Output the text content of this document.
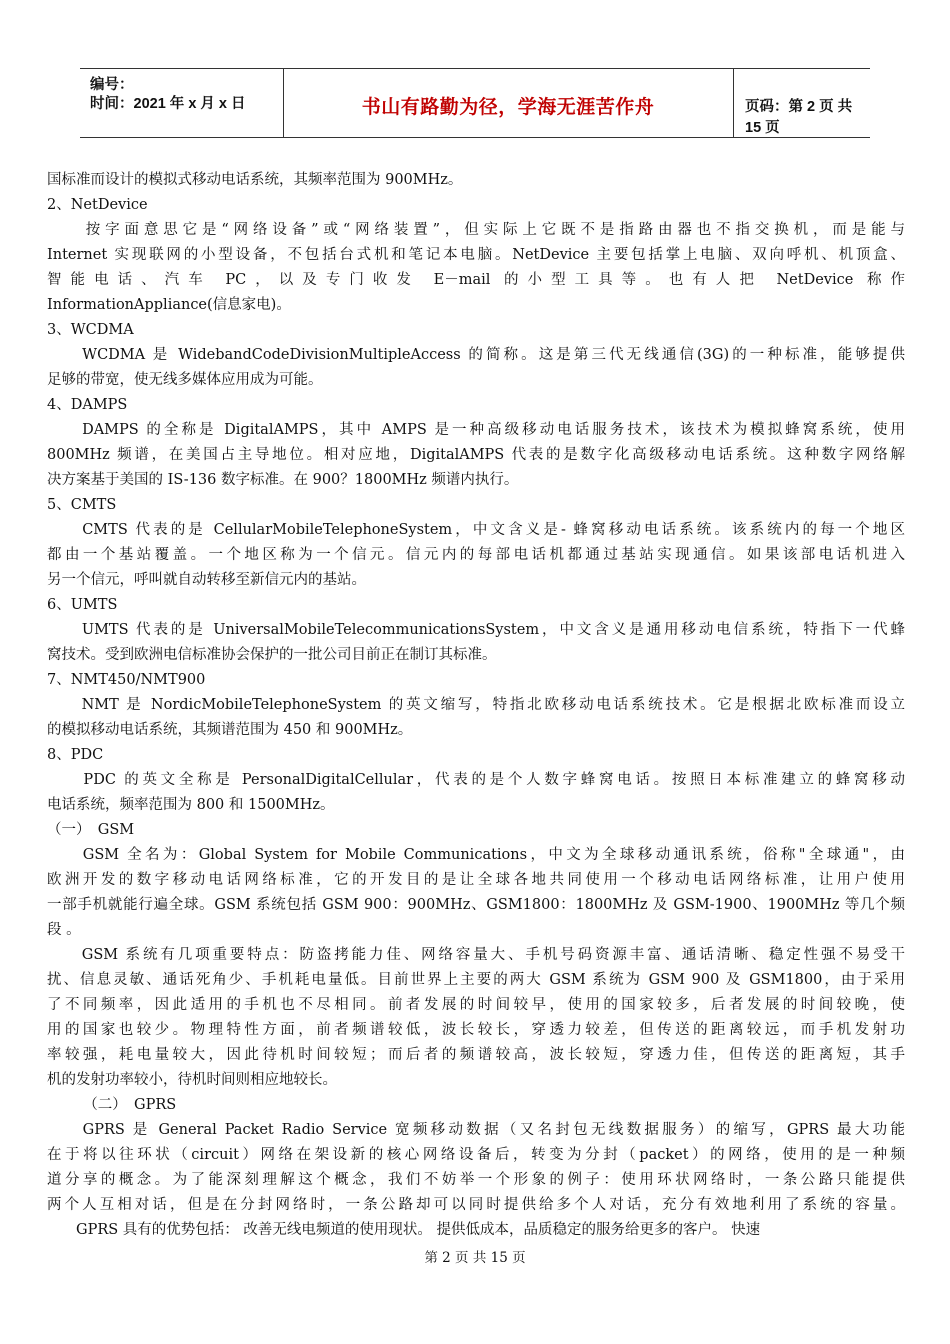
编号：
时间：2021 年 x 月 x 日	书山有路勤为径，学海无涯苦作舟	页码：第 2 页 共 15 页
国标准而设计的模拟式移动电话系统，其频率范围为 900MHz。
2、NetDevice
　　按字面意思它是“网络设备”或“网络装置”，但实际上它既不是指路由器也不指交换机，而是能与
Internet 实现联网的小型设备，不包括台式机和笔记本电脑。NetDevice 主要包括掌上电脑、双向呼机、机顶盒、
智能电话、汽车 PC，以及专门收发 E－mail 的小型工具等。也有人把 NetDevice 称作
InformationAppliance(信息家电)。
3、WCDMA
　　WCDMA 是 WidebandCodeDivisionMultipleAccess 的简称。这是第三代无线通信(3G)的一种标准，能够提供
足够的带宽，使无线多媒体应用成为可能。
4、DAMPS
　　DAMPS 的全称是 DigitalAMPS，其中 AMPS 是一种高级移动电话服务技术，该技术为模拟蜂窝系统，使用
800MHz 频谱，在美国占主导地位。相对应地，DigitalAMPS 代表的是数字化高级移动电话系统。这种数字网络解
决方案基于美国的 IS-136 数字标准。在 900？1800MHz 频谱内执行。
5、CMTS
　　CMTS 代表的是 CellularMobileTelephoneSystem，中文含义是- 蜂窝移动电话系统。该系统内的每一个地区
都由一个基站覆盖。一个地区称为一个信元。信元内的每部电话机都通过基站实现通信。如果该部电话机进入
另一个信元，呼叫就自动转移至新信元内的基站。
6、UMTS
　　UMTS 代表的是 UniversalMobileTelecommunicationsSystem，中文含义是通用移动电信系统，特指下一代蜂
窝技术。受到欧洲电信标准协会保护的一批公司目前正在制订其标准。
7、NMT450/NMT900
　　NMT 是 NordicMobileTelephoneSystem 的英文缩写，特指北欧移动电话系统技术。它是根据北欧标准而设立
的模拟移动电话系统，其频谱范围为 450 和 900MHz。
8、PDC
　　PDC 的英文全称是 PersonalDigitalCellular，代表的是个人数字蜂窝电话。按照日本标准建立的蜂窝移动
电话系统，频率范围为 800 和 1500MHz。
（一）　GSM
　　GSM 全名为：Global System for Mobile Communications，中文为全球移动通讯系统，俗称"全球通"，由
欧洲开发的数字移动电话网络标准，它的开发目的是让全球各地共同使用一个移动电话网络标准，让用户使用
一部手机就能行遍全球。GSM 系统包括 GSM 900：900MHz、GSM1800：1800MHz 及 GSM-1900、1900MHz 等几个频
段 。
　　GSM 系统有几项重要特点：防盗拷能力佳、网络容量大、手机号码资源丰富、通话清晰、稳定性强不易受干
扰、信息灵敏、通话死角少、手机耗电量低。目前世界上主要的两大 GSM 系统为 GSM 900 及 GSM1800，由于采用
了不同频率，因此适用的手机也不尽相同。前者发展的时间较早，使用的国家较多，后者发展的时间较晚，使
用的国家也较少。物理特性方面，前者频谱较低，波长较长，穿透力较差，但传送的距离较远，而手机发射功
率较强，耗电量较大，因此待机时间较短；而后者的频谱较高，波长较短，穿透力佳，但传送的距离短，其手
机的发射功率较小，待机时间则相应地较长。
　　　（二）　GPRS
　　GPRS 是 General Packet Radio Service 宽频移动数据（又名封包无线数据服务）的缩写，GPRS 最大功能
在于将以往环状（circuit）网络在架设新的核心网络设备后，转变为分封（packet）的网络，使用的是一种频
道分享的概念。为了能深刻理解这个概念，我们不妨举一个形象的例子：使用环状网络时，一条公路只能提供
两个人互相对话，但是在分封网络时，一条公路却可以同时提供给多个人对话，充分有效地利用了系统的容量。
　　GPRS 具有的优势包括： 改善无线电频道的使用现状。 提供低成本，品质稳定的服务给更多的客户。 快速
第 2 页 共 15 页
